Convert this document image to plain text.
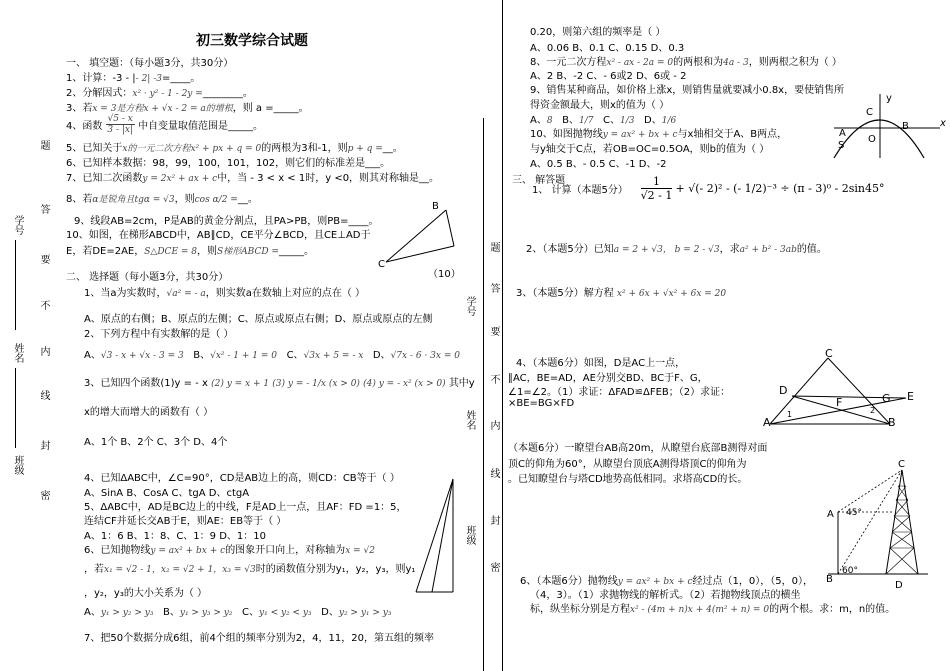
学号
姓名
班级
题
答
要
不
内
线
封
密
学号
姓名
班级
题
答
要
不
内
线
封
密
初三数学综合试题
一、 填空题：（每小题3分，共30分）
1、计算：-3 - |- 2| -3=____。
2、分解因式：x² · y² - 1 - 2y =________。
3、若x = 3是方程x + √x - 2 = a的增根，则 a =_____。
4、函数 $\frac{√5 - x}{3 - |x|}$ 中自变量取值范围是_____。
5、已知关于x的一元二次方程x² + px + q = 0的两根为3和-1，则p + q =__。
6、已知样本数据：98，99，100，101，102，则它们的标准差是___。
7、已知二次函数y = 2x² + ax + c中，当 - 3 < x < 1时，y <0，则其对称轴是__。
8、若α是锐角且tgα = √3，则cos α/2 =__。
9、线段AB=2cm，P是AB的黄金分割点，且PA>PB，则PB=____。
10、如图，在梯形ABCD中，AB∥CD，CE平分∠BCD，且CE⊥AD于
E，若DE=2AE，S△DCE = 8，则S梯形ABCD =_____。
B
C
（10）
二、 选择题（每小题3分，共30分）
1、当a为实数时，√a² = - a，则实数a在数轴上对应的点在（ ）
A、原点的右侧；B、原点的左侧；C、原点或原点右侧；D、原点或原点的左侧
2、下列方程中有实数解的是（ ）
A、√3 - x + √x - 3 = 3 B、√x² - 1 + 1 = 0 C、√3x + 5 = - x D、√7x - 6 · 3x = 0
3、已知四个函数(1)y = - x (2) y = x + 1 (3) y = - 1/x (x > 0) (4) y = - x² (x > 0) 其中y
x的增大而增大的函数有（ ）
A、1个 B、2个 C、3个 D、4个
4、已知ΔABC中，∠C=90°，CD是AB边上的高，则CD：CB等于（ ）
A、SinA B、CosA C、tgA D、ctgA
5、ΔABC中，AD是BC边上的中线，F是AD上一点，且AF：FD =1：5，
连结CF并延长交AB于E，则AE：EB等于（ ）
A、1：6 B、1：8、C、1：9 D、1：10
6、已知抛物线y = ax² + bx + c的图象开口向上，对称轴为x = √2
，若x₁ = √2 - 1，x₂ = √2 + 1，x₃ = √3时的函数值分别为y₁，y₂，y₃，则y₁
，y₂，y₃的大小关系为（ ）
A、y₁ > y₂ > y₃ B、y₁ > y₃ > y₂ C、y₁ < y₂ < y₃ D、y₂ > y₁ > y₃
7、把50个数据分成6组，前4个组的频率分别为2，4，11，20，第五组的频率
0.20，则第六组的频率是（ ）
A、0.06 B、0.1 C、0.15 D、0.3
8、一元二次方程x² - ax - 2a = 0的两根和为4a - 3，则两根之积为（ ）
A、2 B、-2 C、- 6或2 D、6或 - 2
9、销售某种商品，如价格上涨x，则销售量就要减小0.8x，要使销售所
得资金额最大，则x的值为（ ）
A、8 B、1/7 C、1/3 D、1/6
10、如图抛物线y = ax² + bx + c与x轴相交于A、B两点，
与y轴交于C点，若OB=OC=0.5OA，则b的值为（ ）
A、0.5 B、- 0.5 C、-1 D、-2
y
x
C
B
A
O
S
三、 解答题
1、 计算（本题5分） $\frac{1}{√2 - 1}$ + √(- 2)² - (- 1/2)⁻³ ÷ (π - 3)⁰ - 2sin45°
2、（本题5分）已知a = 2 + √3， b = 2 - √3，求a² + b² - 3ab的值。
3、（本题5分）解方程 x² + 6x + √x² + 6x = 20
4、（本题6分）如图，D是AC上一点，
∥AC，BE=AD，AE分别交BD、BC于F、G，
∠1=∠2。（1）求证：ΔFAD≌ΔFEB；（2）求证：
×BE=BG×FD
C
D
F	G E
A	B
1	2
（本题6分）一瞭望台AB高20m，从瞭望台底部B测得对面
顶C的仰角为60°，从瞭望台顶底A测得塔顶C的仰角为
。已知瞭望台与塔CD地势高低相同。求塔高CD的长。
A
B
C
D
45°
60°
6、（本题6分）抛物线y = ax² + bx + c经过点（1，0），（5，0），
（4，3）。（1）求抛物线的解析式。（2）若抛物线顶点的横坐
标，纵坐标分别是方程x² - (4m + n)x + 4(m² + n) = 0的两个根。求：m，n的值。
